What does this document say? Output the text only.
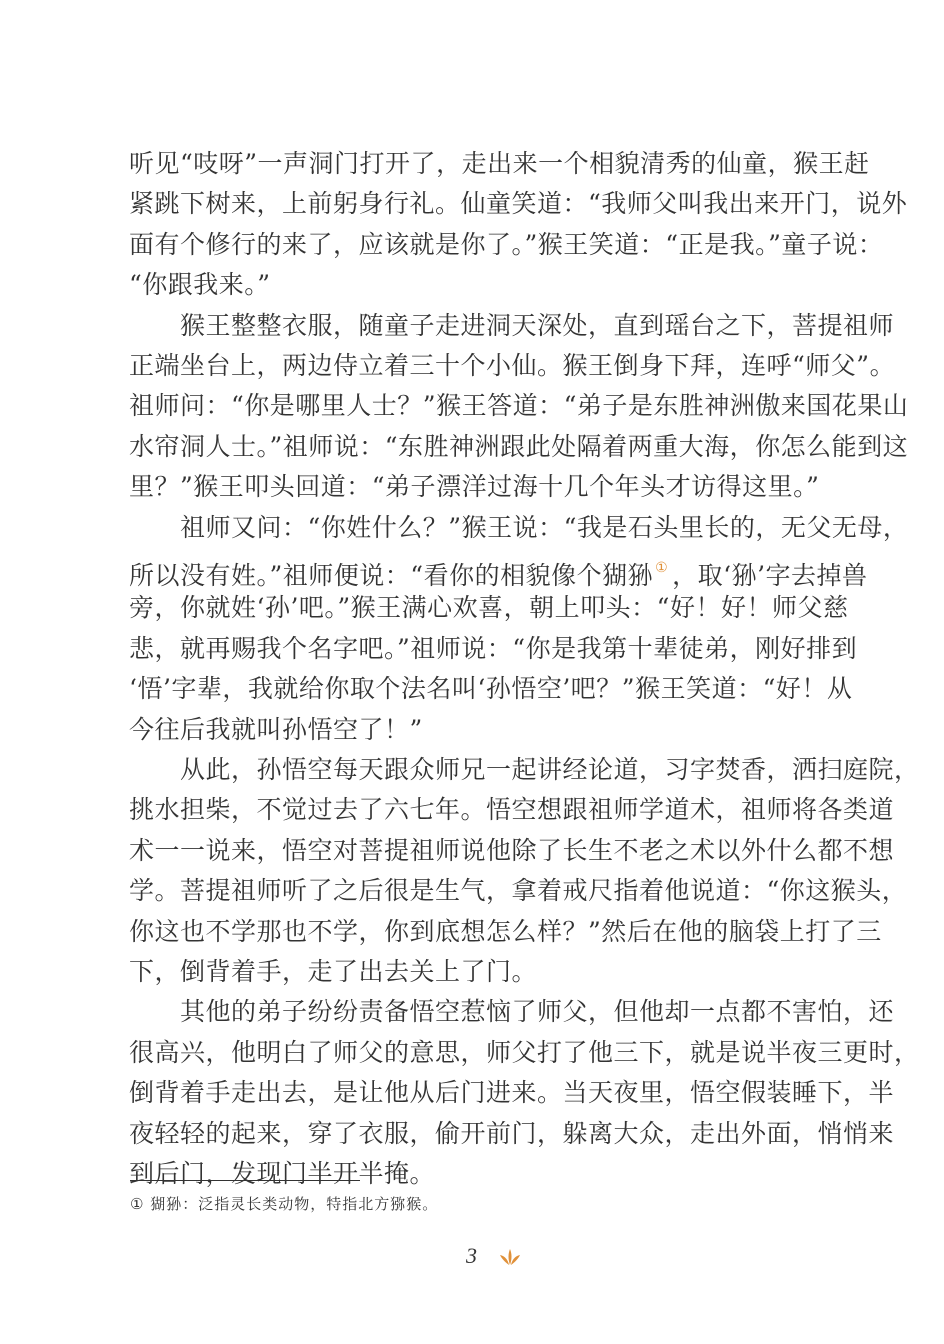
听见“吱呀”一声洞门打开了，走出来一个相貌清秀的仙童，猴王赶
紧跳下树来，上前躬身行礼。仙童笑道：“我师父叫我出来开门，说外
面有个修行的来了，应该就是你了。”猴王笑道：“正是我。”童子说：
“你跟我来。”
　　猴王整整衣服，随童子走进洞天深处，直到瑶台之下，菩提祖师
正端坐台上，两边侍立着三十个小仙。猴王倒身下拜，连呼“师父”。
祖师问：“你是哪里人士？”猴王答道：“弟子是东胜神洲傲来国花果山
水帘洞人士。”祖师说：“东胜神洲跟此处隔着两重大海，你怎么能到这
里？”猴王叩头回道：“弟子漂洋过海十几个年头才访得这里。”
　　祖师又问：“你姓什么？”猴王说：“我是石头里长的，无父无母，
所以没有姓。”祖师便说：“看你的相貌像个猢狲 ① ，取‘狲’字去掉兽
旁，你就姓‘孙’吧。”猴王满心欢喜，朝上叩头：“好！好！师父慈
悲，就再赐我个名字吧。”祖师说：“你是我第十辈徒弟，刚好排到
‘悟’字辈，我就给你取个法名叫‘孙悟空’吧？”猴王笑道：“好！从
今往后我就叫孙悟空了！”
　　从此，孙悟空每天跟众师兄一起讲经论道，习字焚香，洒扫庭院，
挑水担柴，不觉过去了六七年。悟空想跟祖师学道术，祖师将各类道
术一一说来，悟空对菩提祖师说他除了长生不老之术以外什么都不想
学。菩提祖师听了之后很是生气，拿着戒尺指着他说道：“你这猴头，
你这也不学那也不学，你到底想怎么样？”然后在他的脑袋上打了三
下，倒背着手，走了出去关上了门。
　　其他的弟子纷纷责备悟空惹恼了师父，但他却一点都不害怕，还
很高兴，他明白了师父的意思，师父打了他三下，就是说半夜三更时，
倒背着手走出去，是让他从后门进来。当天夜里，悟空假装睡下，半
夜轻轻的起来，穿了衣服，偷开前门，躲离大众，走出外面，悄悄来
到后门，发现门半开半掩。
① 猢狲：泛指灵长类动物，特指北方猕猴。
3
